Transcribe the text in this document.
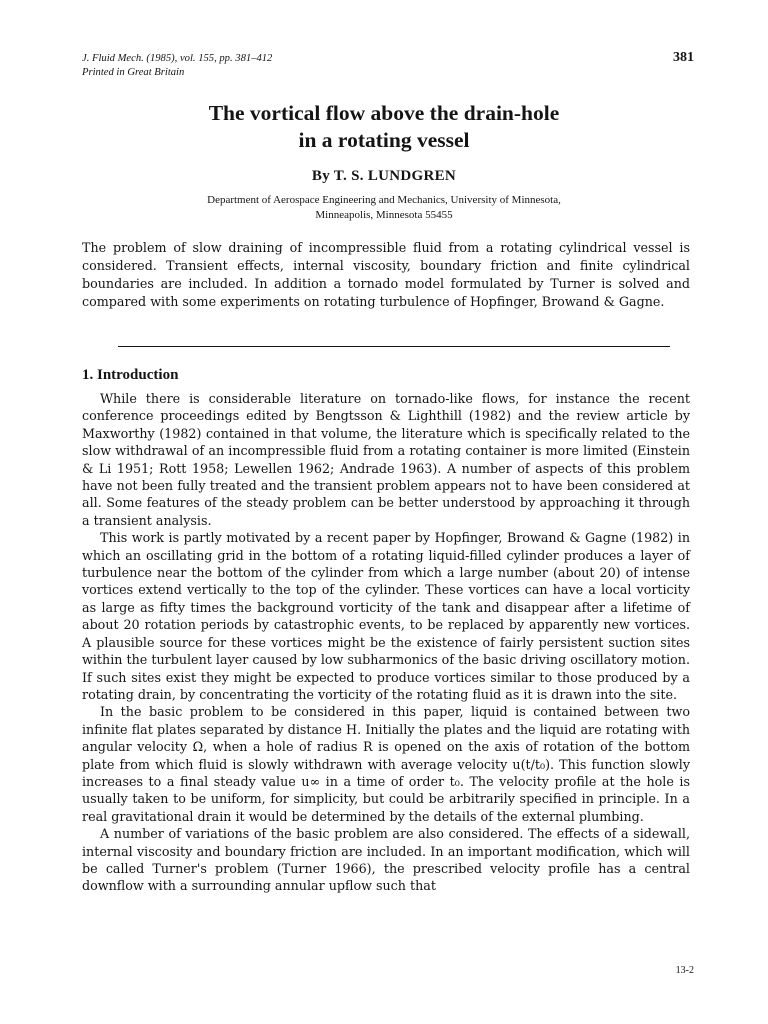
J. Fluid Mech. (1985), vol. 155, pp. 381–412
Printed in Great Britain
381
The vortical flow above the drain-hole
in a rotating vessel
By T. S. LUNDGREN
Department of Aerospace Engineering and Mechanics, University of Minnesota,
Minneapolis, Minnesota 55455
The problem of slow draining of incompressible fluid from a rotating cylindrical vessel is considered. Transient effects, internal viscosity, boundary friction and finite cylindrical boundaries are included. In addition a tornado model formulated by Turner is solved and compared with some experiments on rotating turbulence of Hopfinger, Browand & Gagne.
1. Introduction

While there is considerable literature on tornado-like flows, for instance the recent conference proceedings edited by Bengtsson & Lighthill (1982) and the review article by Maxworthy (1982) contained in that volume, the literature which is specifically related to the slow withdrawal of an incompressible fluid from a rotating container is more limited (Einstein & Li 1951; Rott 1958; Lewellen 1962; Andrade 1963). A number of aspects of this problem have not been fully treated and the transient problem appears not to have been considered at all. Some features of the steady problem can be better understood by approaching it through a transient analysis.

This work is partly motivated by a recent paper by Hopfinger, Browand & Gagne (1982) in which an oscillating grid in the bottom of a rotating liquid-filled cylinder produces a layer of turbulence near the bottom of the cylinder from which a large number (about 20) of intense vortices extend vertically to the top of the cylinder. These vortices can have a local vorticity as large as fifty times the background vorticity of the tank and disappear after a lifetime of about 20 rotation periods by catastrophic events, to be replaced by apparently new vortices. A plausible source for these vortices might be the existence of fairly persistent suction sites within the turbulent layer caused by low subharmonics of the basic driving oscillatory motion. If such sites exist they might be expected to produce vortices similar to those produced by a rotating drain, by concentrating the vorticity of the rotating fluid as it is drawn into the site.

In the basic problem to be considered in this paper, liquid is contained between two infinite flat plates separated by distance H. Initially the plates and the liquid are rotating with angular velocity Ω, when a hole of radius R is opened on the axis of rotation of the bottom plate from which fluid is slowly withdrawn with average velocity u(t/t₀). This function slowly increases to a final steady value u∞ in a time of order t₀. The velocity profile at the hole is usually taken to be uniform, for simplicity, but could be arbitrarily specified in principle. In a real gravitational drain it would be determined by the details of the external plumbing.

A number of variations of the basic problem are also considered. The effects of a sidewall, internal viscosity and boundary friction are included. In an important modification, which will be called Turner's problem (Turner 1966), the prescribed velocity profile has a central downflow with a surrounding annular upflow such that

13-2
